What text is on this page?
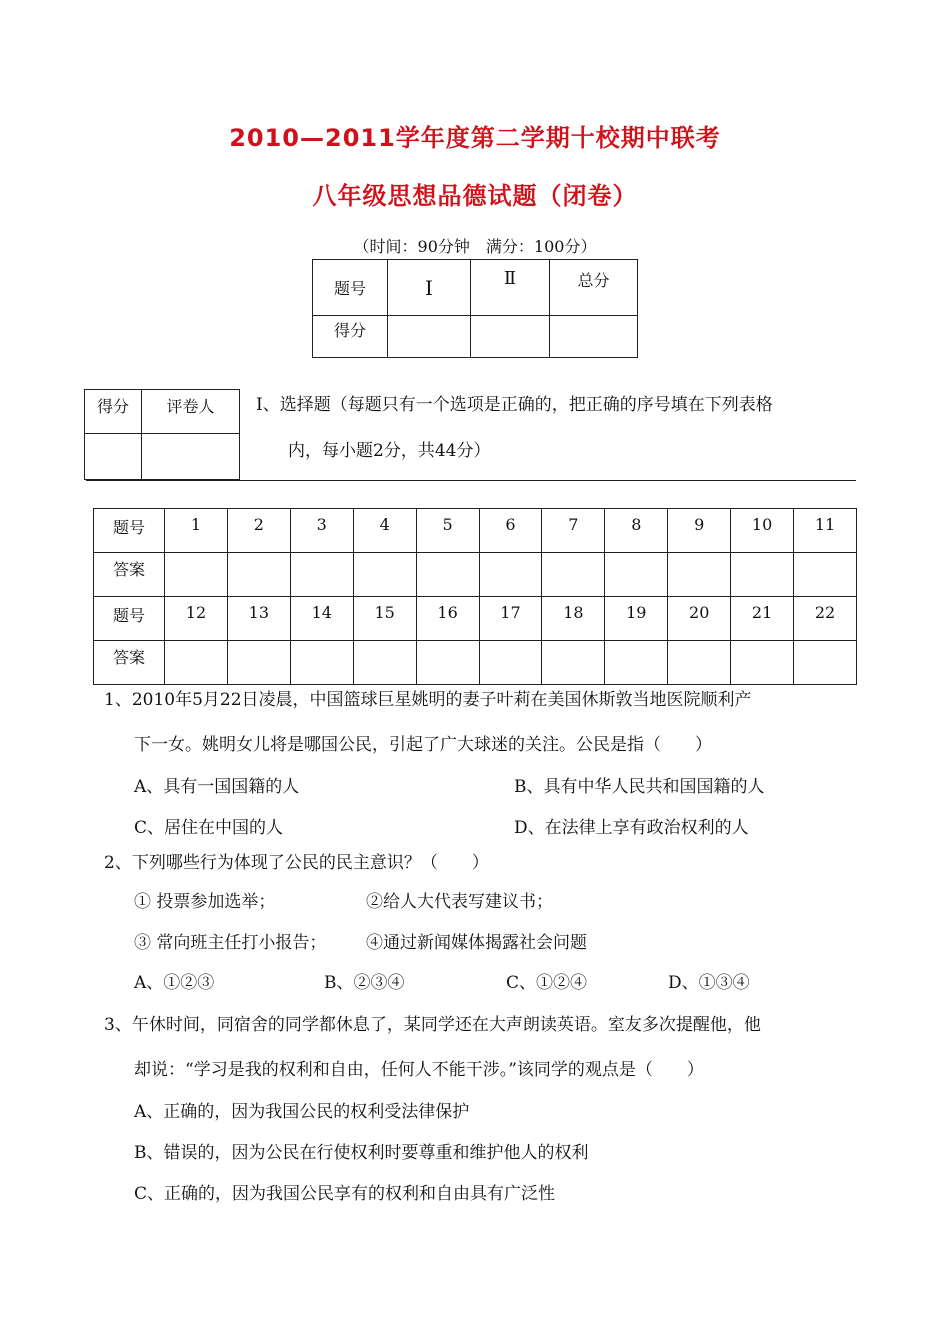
2010—2011学年度第二学期十校期中联考
八年级思想品德试题（闭卷）
（时间：90分钟　满分：100分）
题号	Ⅰ	Ⅱ	总分
得分			
得分	评卷人
	Ⅰ、选择题（每题只有一个选项是正确的，把正确的序号填在下列表格
内，每小题2分，共44分）
题号	1	2	3	4	5	6	7	8	9	10	11
答案											
题号	12	13	14	15	16	17	18	19	20	21	22
答案											
1、2010年5月22日凌晨，中国篮球巨星姚明的妻子叶莉在美国休斯敦当地医院顺利产
下一女。姚明女儿将是哪国公民，引起了广大球迷的关注。公民是指（　　）
A、具有一国国籍的人	B、具有中华人民共和国国籍的人
C、居住在中国的人	D、在法律上享有政治权利的人
2、下列哪些行为体现了公民的民主意识？（　　）
① 投票参加选举；	②给人大代表写建议书；
③ 常向班主任打小报告； ④通过新闻媒体揭露社会问题
A、①②③	B、②③④	C、①②④	D、①③④
3、午休时间，同宿舍的同学都休息了，某同学还在大声朗读英语。室友多次提醒他，他
却说：“学习是我的权利和自由，任何人不能干涉。”该同学的观点是（　　）
A、正确的，因为我国公民的权利受法律保护
B、错误的，因为公民在行使权利时要尊重和维护他人的权利
C、正确的，因为我国公民享有的权利和自由具有广泛性
